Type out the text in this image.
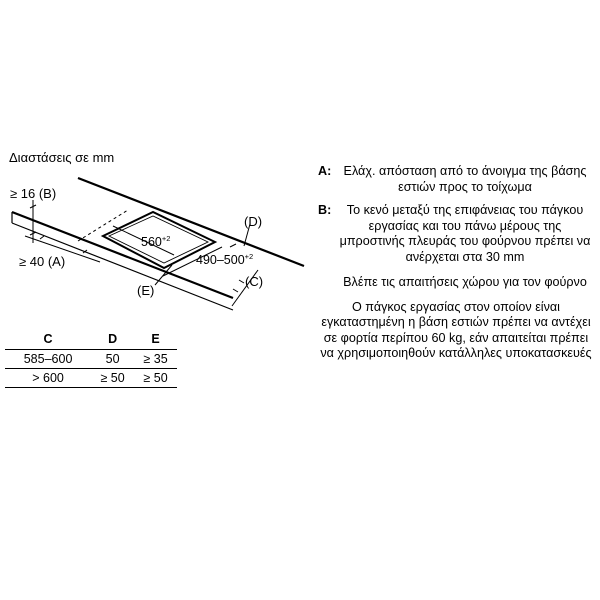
Διαστάσεις σε mm
≥ 16 (B)
≥ 40 (A)
(D)
(C)
(E)
$560^{+2}$
$490-500^{+2}$
C	D	E
585–600	50	≥ 35
> 600	≥ 50	≥ 50
A: Ελάχ. απόσταση από το άνοιγμα της βάσης εστιών προς το τοίχωμα
B:	Το κενό μεταξύ της επιφάνειας του πάγκου εργασίας και του πάνω μέρους της μπροστινής πλευράς του φούρνου πρέπει να ανέρχεται στα 30 mm
Βλέπε τις απαιτήσεις χώρου για τον φούρνο
Ο πάγκος εργασίας στον οποίον είναι εγκαταστημένη η βάση εστιών πρέπει να αντέχει σε φορτία περίπου 60 kg, εάν απαιτείται πρέπει να χρησιμοποιηθούν κατάλληλες υποκατασκευές
